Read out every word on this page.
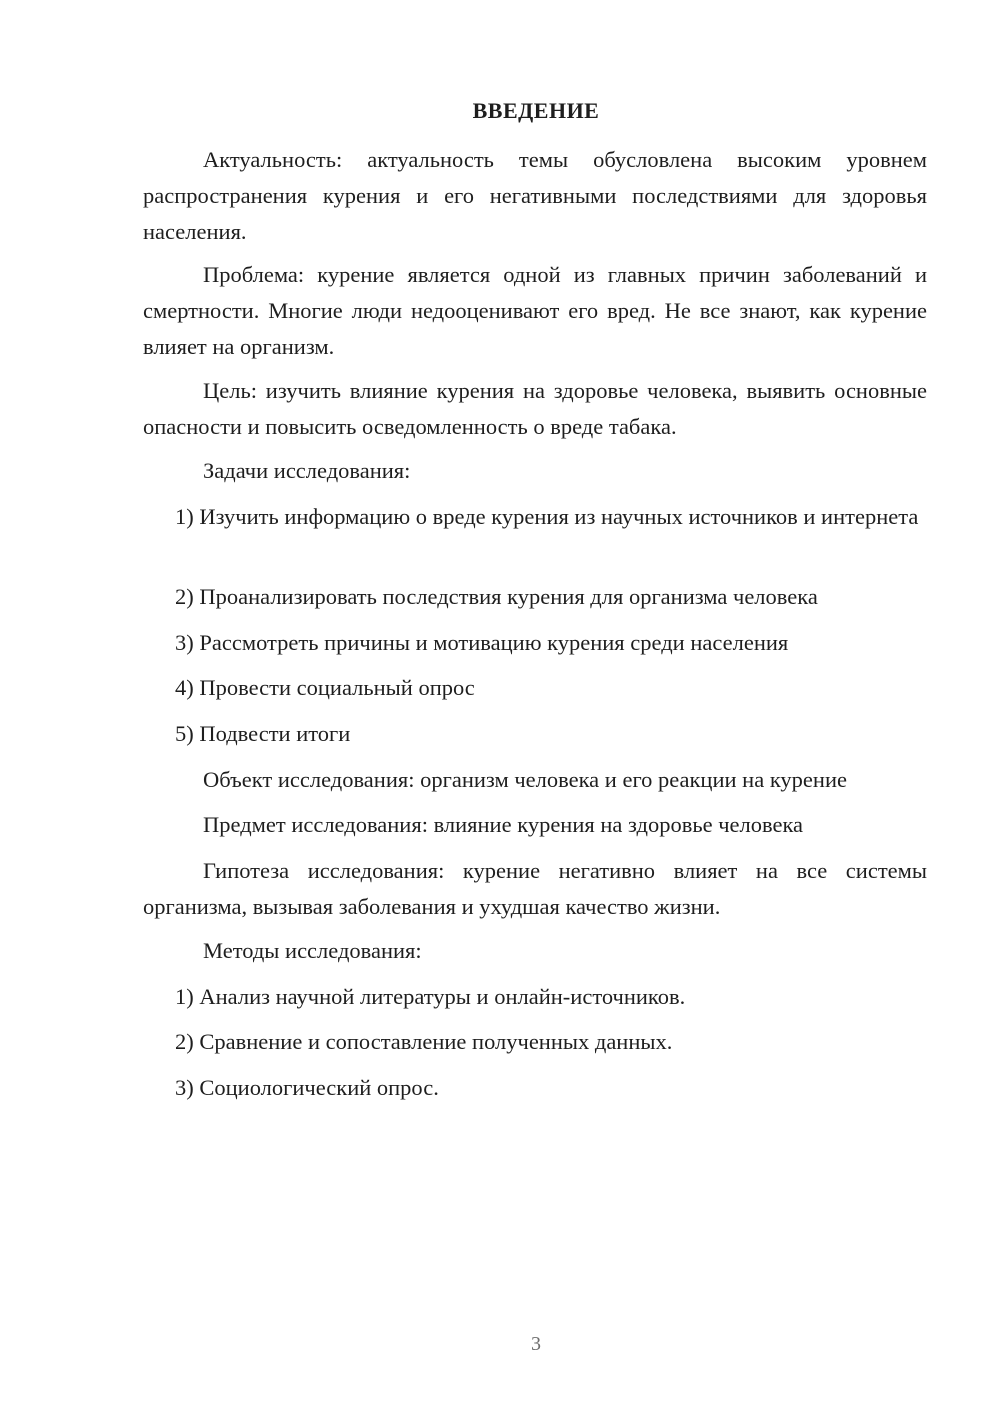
ВВЕДЕНИЕ

Актуальность: актуальность темы обусловлена высоким уровнем распространения курения и его негативными последствиями для здоровья населения.

Проблема: курение является одной из главных причин заболеваний и смертности. Многие люди недооценивают его вред. Не все знают, как курение влияет на организм.

Цель: изучить влияние курения на здоровье человека, выявить основные опасности и повысить осведомленность о вреде табака.

Задачи исследования:

1) Изучить информацию о вреде курения из научных источников и интернета

2) Проанализировать последствия курения для организма человека

3) Рассмотреть причины и мотивацию курения среди населения

4) Провести социальный опрос

5) Подвести итоги

Объект исследования: организм человека и его реакции на курение

Предмет исследования: влияние курения на здоровье человека

Гипотеза исследования: курение негативно влияет на все системы организма, вызывая заболевания и ухудшая качество жизни.

Методы исследования:

1) Анализ научной литературы и онлайн-источников.

2) Сравнение и сопоставление полученных данных.

3) Социологический опрос.

3
